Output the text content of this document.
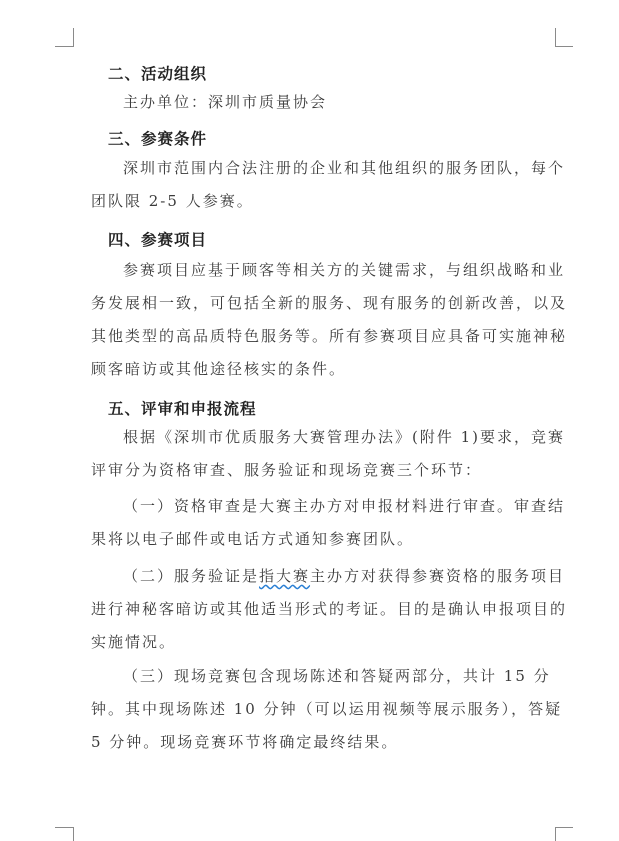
二、活动组织
主办单位：深圳市质量协会
三、参赛条件
深圳市范围内合法注册的企业和其他组织的服务团队，每个
团队限 2-5 人参赛。
四、参赛项目
参赛项目应基于顾客等相关方的关键需求，与组织战略和业
务发展相一致，可包括全新的服务、现有服务的创新改善，以及
其他类型的高品质特色服务等。所有参赛项目应具备可实施神秘
顾客暗访或其他途径核实的条件。
五、评审和申报流程
根据《深圳市优质服务大赛管理办法》(附件 1)要求，竞赛
评审分为资格审查、服务验证和现场竞赛三个环节：
（一）资格审查是大赛主办方对申报材料进行审查。审查结
果将以电子邮件或电话方式通知参赛团队。
（二）服务验证是指大赛主办方对获得参赛资格的服务项目
进行神秘客暗访或其他适当形式的考证。目的是确认申报项目的
实施情况。
（三）现场竞赛包含现场陈述和答疑两部分，共计 15 分
钟。其中现场陈述 10 分钟（可以运用视频等展示服务），答疑
5 分钟。现场竞赛环节将确定最终结果。
